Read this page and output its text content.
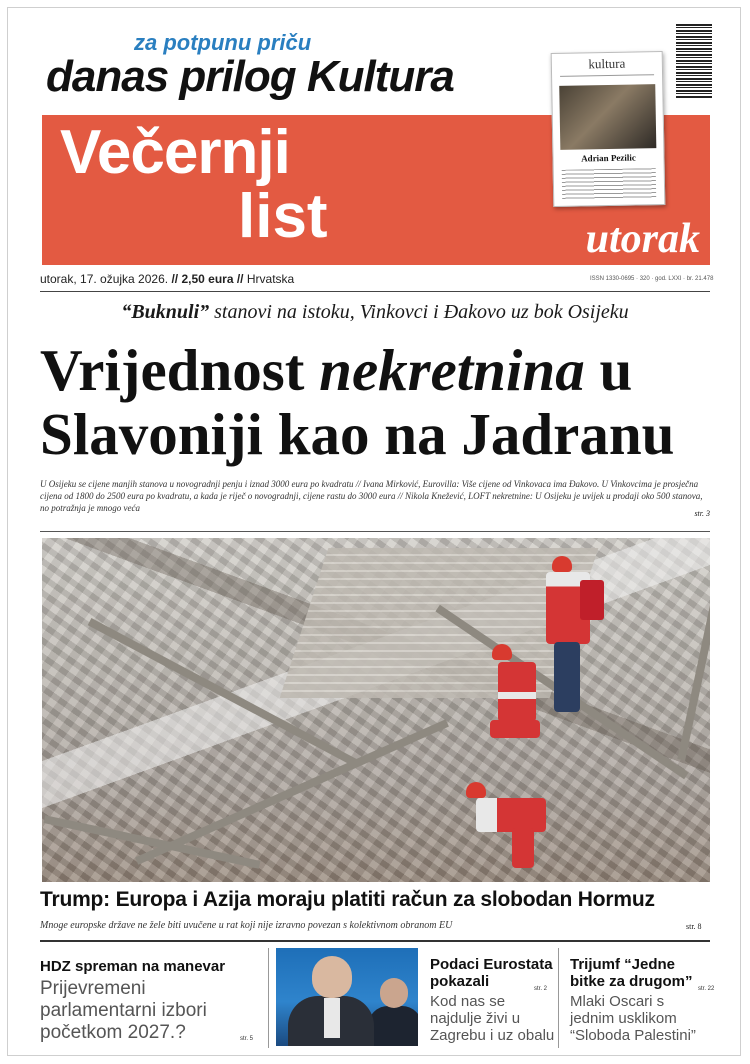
za potpunu priču
danas prilog Kultura
Večernji
list	utorak
kultura
Adrian Pezilic
utorak, 17. ožujka 2026. // 2,50 eura // Hrvatska	ISSN 1330-0695 · 320 · god. LXXI · br. 21.478
“Buknuli” stanovi na istoku, Vinkovci i Đakovo uz bok Osijeku
Vrijednost nekretnina u
Slavoniji kao na Jadranu
U Osijeku se cijene manjih stanova u novogradnji penju i iznad 3000 eura po kvadratu // Ivana Mirković, Eurovilla: Više cijene od Vinkovaca ima Đakovo. U Vinkovcima je prosječna cijena od 1800 do 2500 eura po kvadratu, a kada je riječ o novogradnji, cijene rastu do 3000 eura // Nikola Knežević, LOFT nekretnine: U Osijeku je uvijek u prodaji oko 500 stanova, no potražnja je mnogo veća
str. 3
Trump: Europa i Azija moraju platiti račun za slobodan Hormuz
Mnoge europske države ne žele biti uvučene u rat koji nije izravno povezan s kolektivnom obranom EU	str. 8
HDZ spreman na manevar
Prijevremeni parlamentarni izbori početkom 2027.?	str. 5
Podaci Eurostata pokazali
Kod nas se najdulje živi u Zagrebu i uz obalu
str. 2
Trijumf “Jedne bitke za drugom”
Mlaki Oscari s jednim usklikom “Sloboda Palestini”
str. 22
